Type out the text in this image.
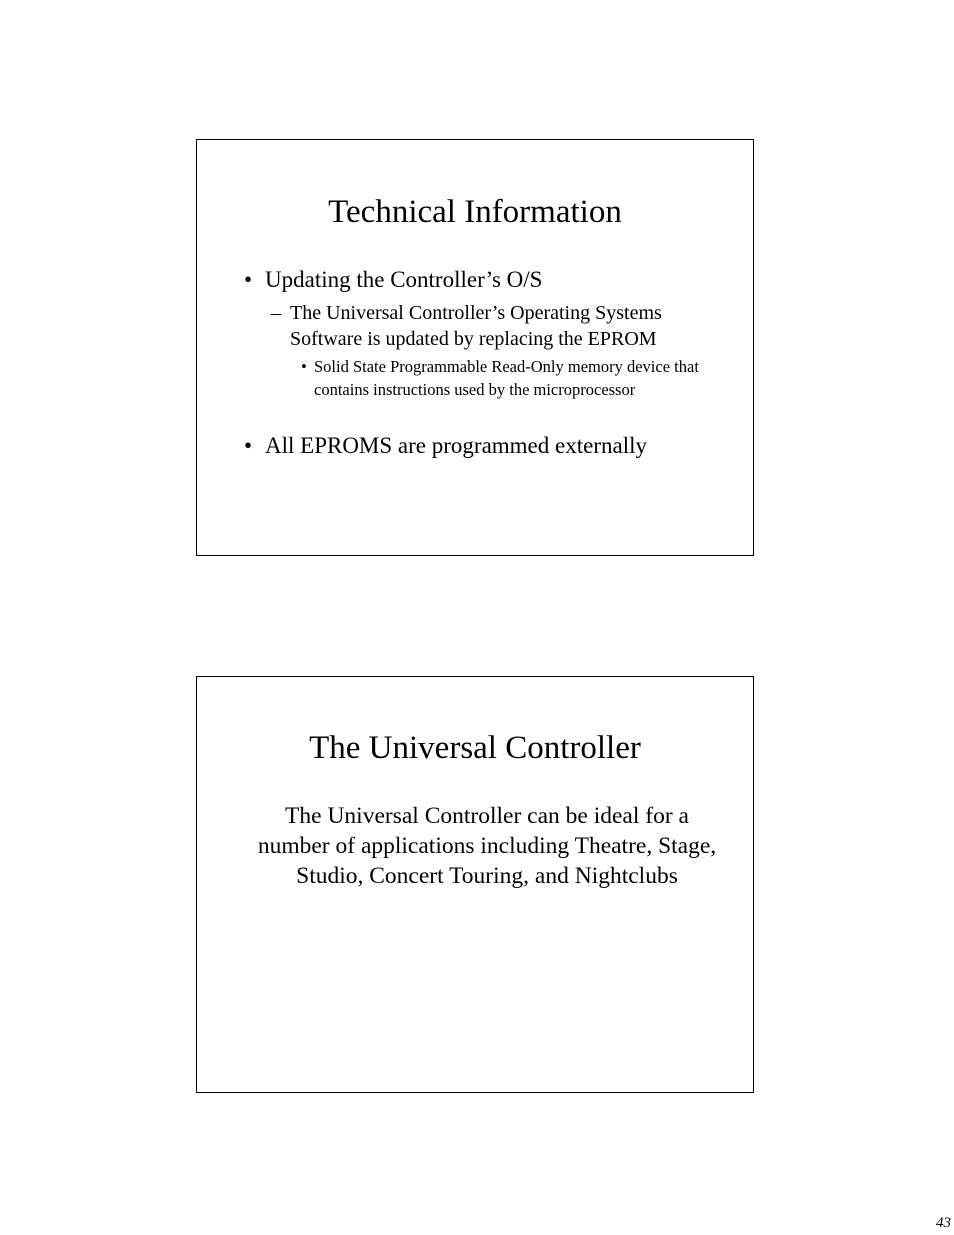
Technical Information
• Updating the Controller’s O/S
– The Universal Controller’s Operating Systems Software is updated by replacing the EPROM
• Solid State Programmable Read-Only memory device that contains instructions used by the microprocessor
• All EPROMS are programmed externally
The Universal Controller
The Universal Controller can be ideal for a number of applications including Theatre, Stage, Studio, Concert Touring, and Nightclubs
43
